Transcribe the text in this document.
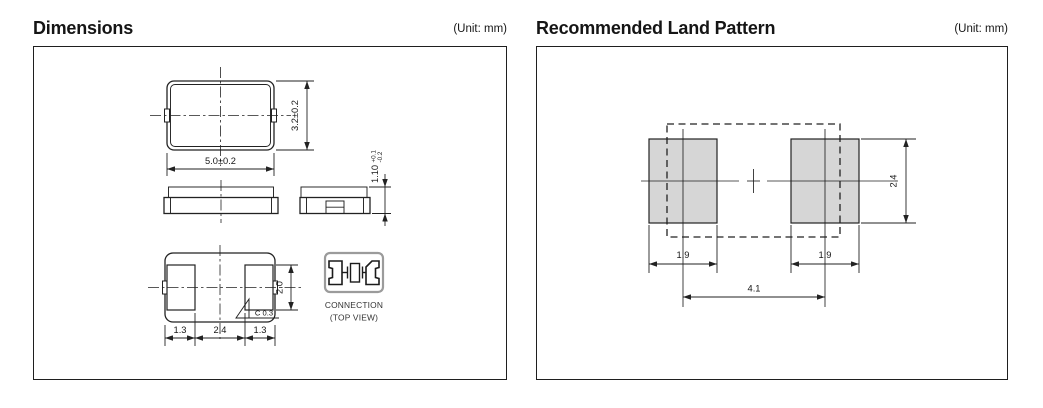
Dimensions	(Unit: mm)
5.0±0.2
3.2±0.2
1.10
+0.1 -0.2
C 0.3
1.3	2.4	1.3
2.0
CONNECTION
(TOP VIEW)
Recommended Land Pattern	(Unit: mm)
1.9	1.9
4.1
2.4
